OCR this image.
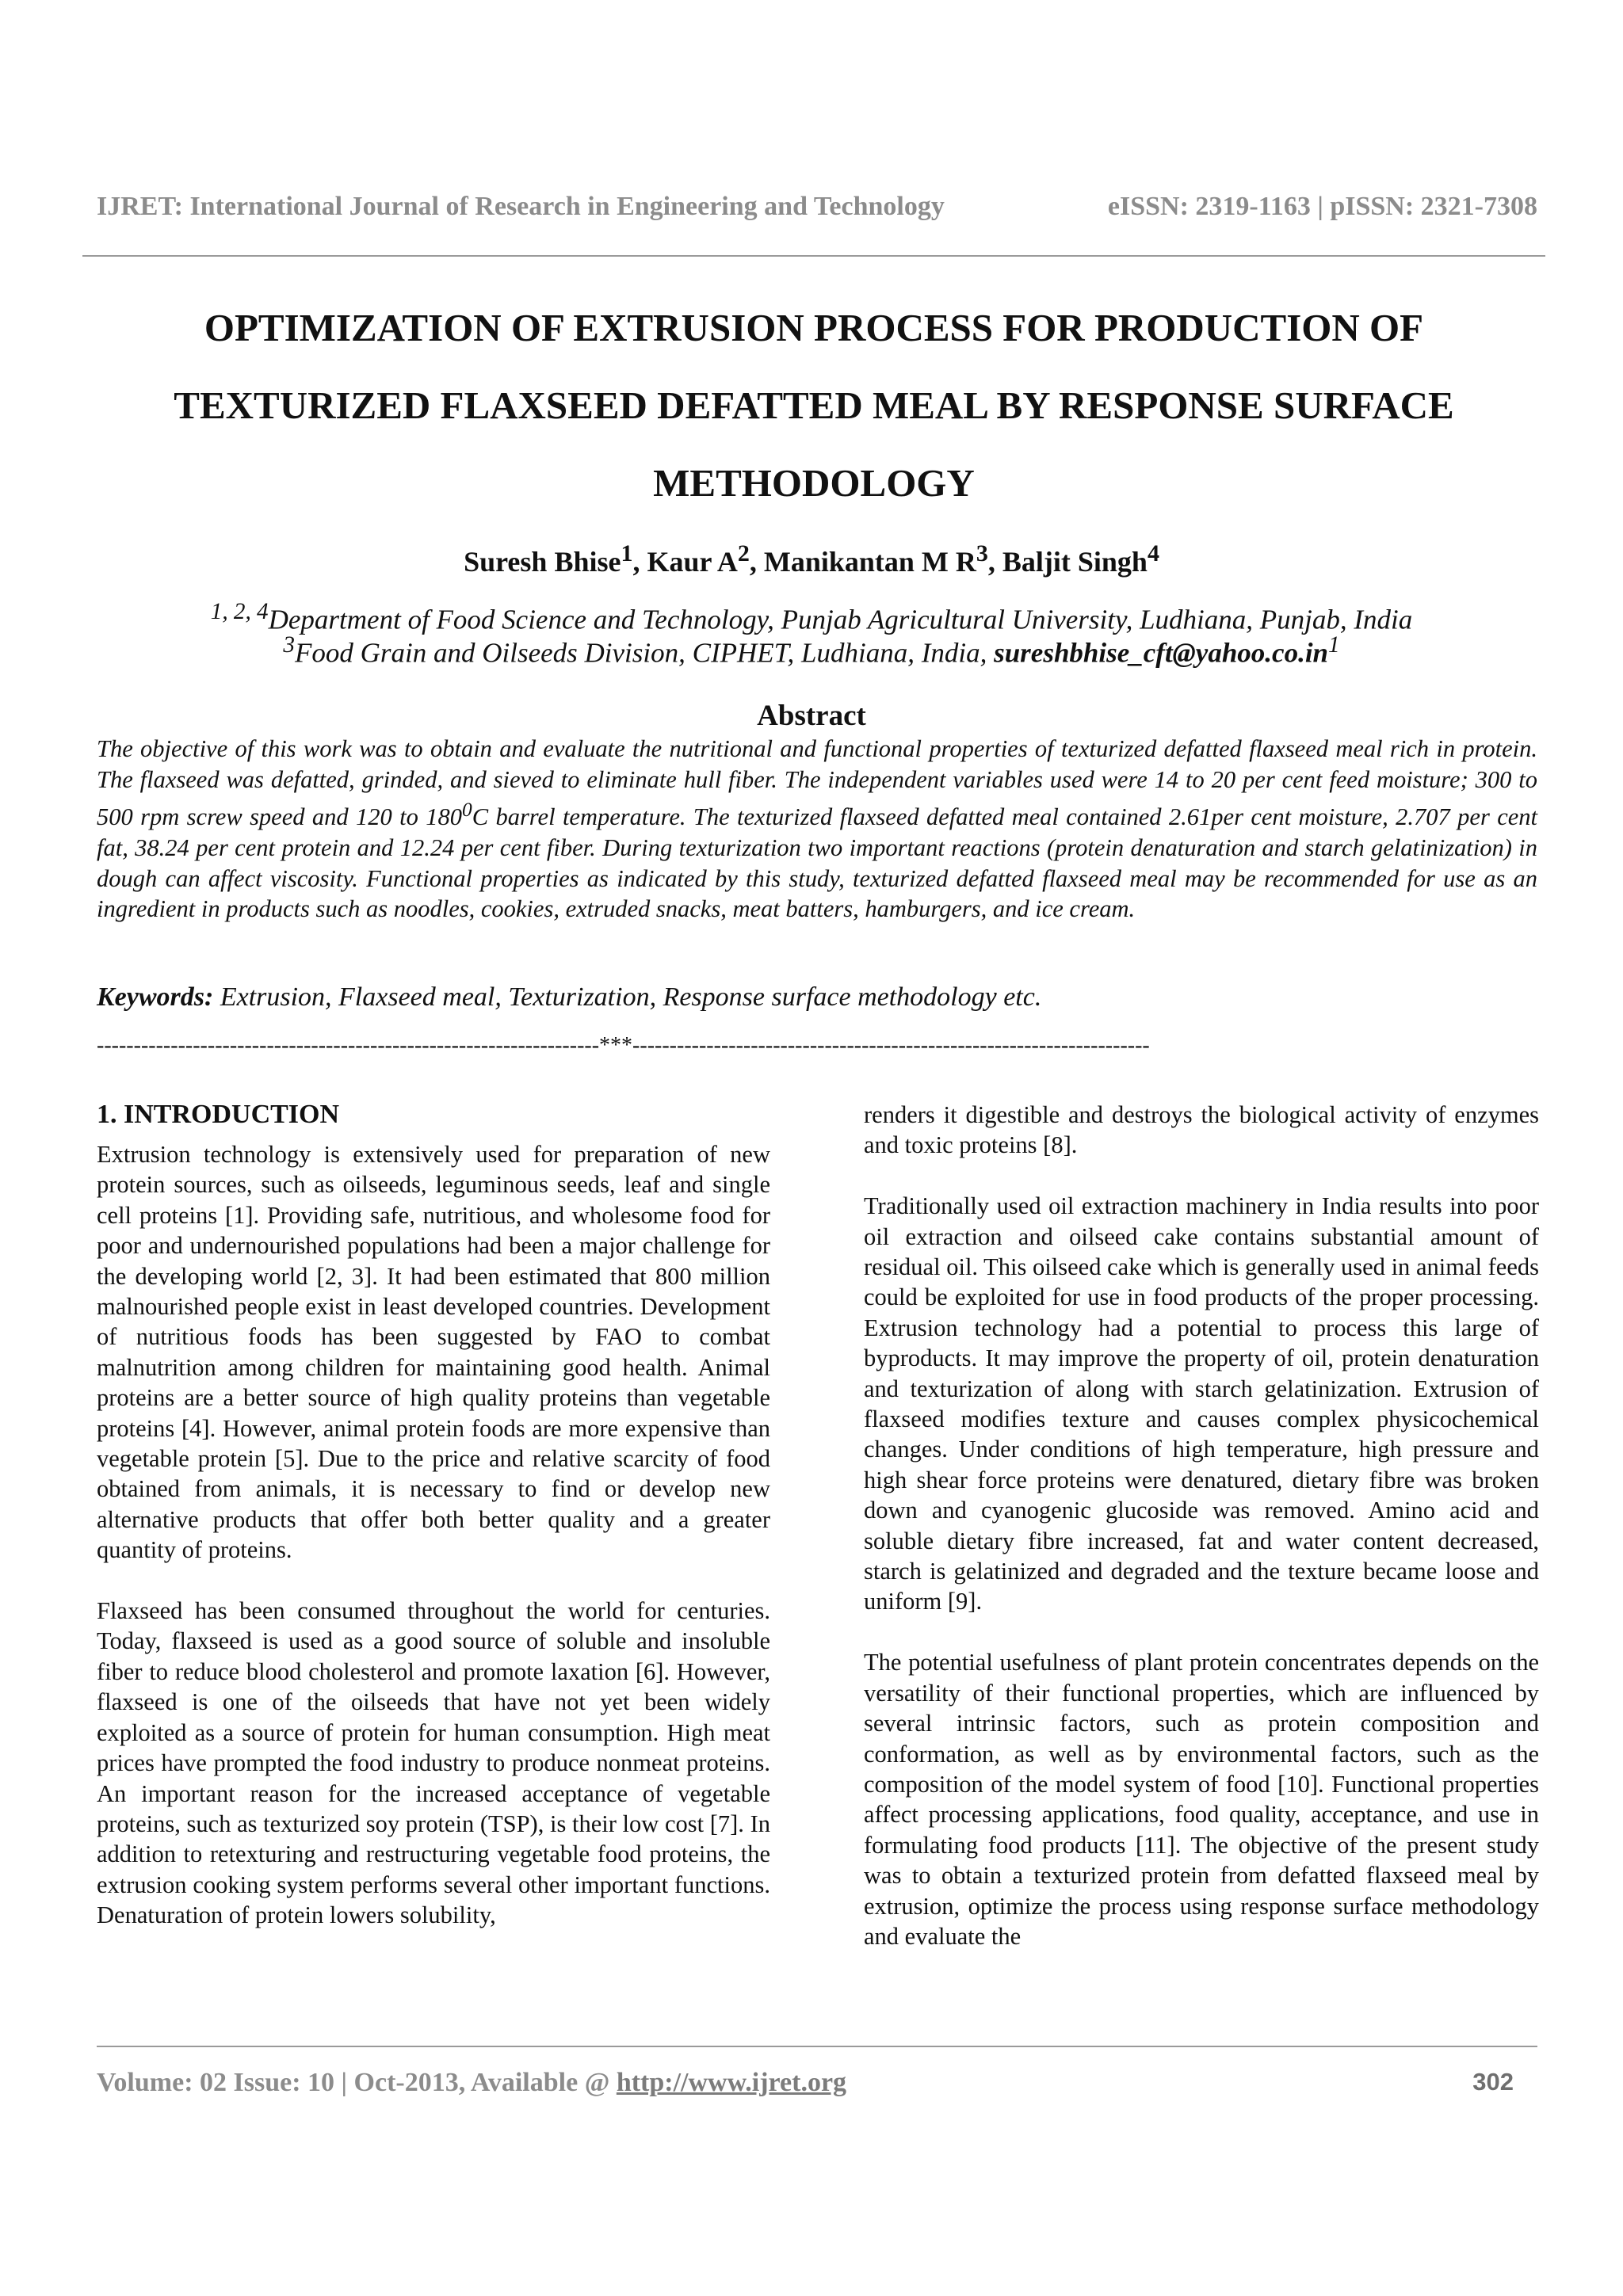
IJRET: International Journal of Research in Engineering and Technology	eISSN: 2319-1163 | pISSN: 2321-7308
OPTIMIZATION OF EXTRUSION PROCESS FOR PRODUCTION OF
TEXTURIZED FLAXSEED DEFATTED MEAL BY RESPONSE SURFACE
METHODOLOGY
Suresh Bhise$^1$, Kaur $A^2$, Manikantan M $R^3$, Baljit Singh$^4$
$^{1, 2, 4}$Department of Food Science and Technology, Punjab Agricultural University, Ludhiana, Punjab, India
$^3$Food Grain and Oilseeds Division, CIPHET, Ludhiana, India, $sureshbhise\_cft@yahoo.co.in^1$
Abstract
The objective of this work was to obtain and evaluate the nutritional and functional properties of texturized defatted flaxseed meal rich in protein. The flaxseed was defatted, grinded, and sieved to eliminate hull fiber. The independent variables used were 14 to 20 per cent feed moisture; 300 to 500 rpm screw speed and 120 to $180^0C$ barrel temperature. The texturized flaxseed defatted meal contained 2.61per cent moisture, 2.707 per cent fat, 38.24 per cent protein and 12.24 per cent fiber. During texturization two important reactions (protein denaturation and starch gelatinization) in dough can affect viscosity. Functional properties as indicated by this study, texturized defatted flaxseed meal may be recommended for use as an ingredient in products such as noodles, cookies, extruded snacks, meat batters, hamburgers, and ice cream.
Keywords: Extrusion, Flaxseed meal, Texturization, Response surface methodology etc.
--------------------------------------------------------------------***----------------------------------------------------------------------
1. INTRODUCTION

Extrusion technology is extensively used for preparation of new protein sources, such as oilseeds, leguminous seeds, leaf and single cell proteins [1]. Providing safe, nutritious, and wholesome food for poor and undernourished populations had been a major challenge for the developing world [2, 3]. It had been estimated that 800 million malnourished people exist in least developed countries. Development of nutritious foods has been suggested by FAO to combat malnutrition among children for maintaining good health. Animal proteins are a better source of high quality proteins than vegetable proteins [4]. However, animal protein foods are more expensive than vegetable protein [5]. Due to the price and relative scarcity of food obtained from animals, it is necessary to find or develop new alternative products that offer both better quality and a greater quantity of proteins.

Flaxseed has been consumed throughout the world for centuries. Today, flaxseed is used as a good source of soluble and insoluble fiber to reduce blood cholesterol and promote laxation [6]. However, flaxseed is one of the oilseeds that have not yet been widely exploited as a source of protein for human consumption. High meat prices have prompted the food industry to produce nonmeat proteins. An important reason for the increased acceptance of vegetable proteins, such as texturized soy protein (TSP), is their low cost [7]. In addition to retexturing and restructuring vegetable food proteins, the extrusion cooking system performs several other important functions. Denaturation of protein lowers solubility,

renders it digestible and destroys the biological activity of enzymes and toxic proteins [8].

Traditionally used oil extraction machinery in India results into poor oil extraction and oilseed cake contains substantial amount of residual oil. This oilseed cake which is generally used in animal feeds could be exploited for use in food products of the proper processing. Extrusion technology had a potential to process this large of byproducts. It may improve the property of oil, protein denaturation and texturization of along with starch gelatinization. Extrusion of flaxseed modifies texture and causes complex physicochemical changes. Under conditions of high temperature, high pressure and high shear force proteins were denatured, dietary fibre was broken down and cyanogenic glucoside was removed. Amino acid and soluble dietary fibre increased, fat and water content decreased, starch is gelatinized and degraded and the texture became loose and uniform [9].

The potential usefulness of plant protein concentrates depends on the versatility of their functional properties, which are influenced by several intrinsic factors, such as protein composition and conformation, as well as by environmental factors, such as the composition of the model system of food [10]. Functional properties affect processing applications, food quality, acceptance, and use in formulating food products [11]. The objective of the present study was to obtain a texturized protein from defatted flaxseed meal by extrusion, optimize the process using response surface methodology and evaluate the

Volume: 02 Issue: 10 | Oct-2013, Available @ http://www.ijret.org	302
